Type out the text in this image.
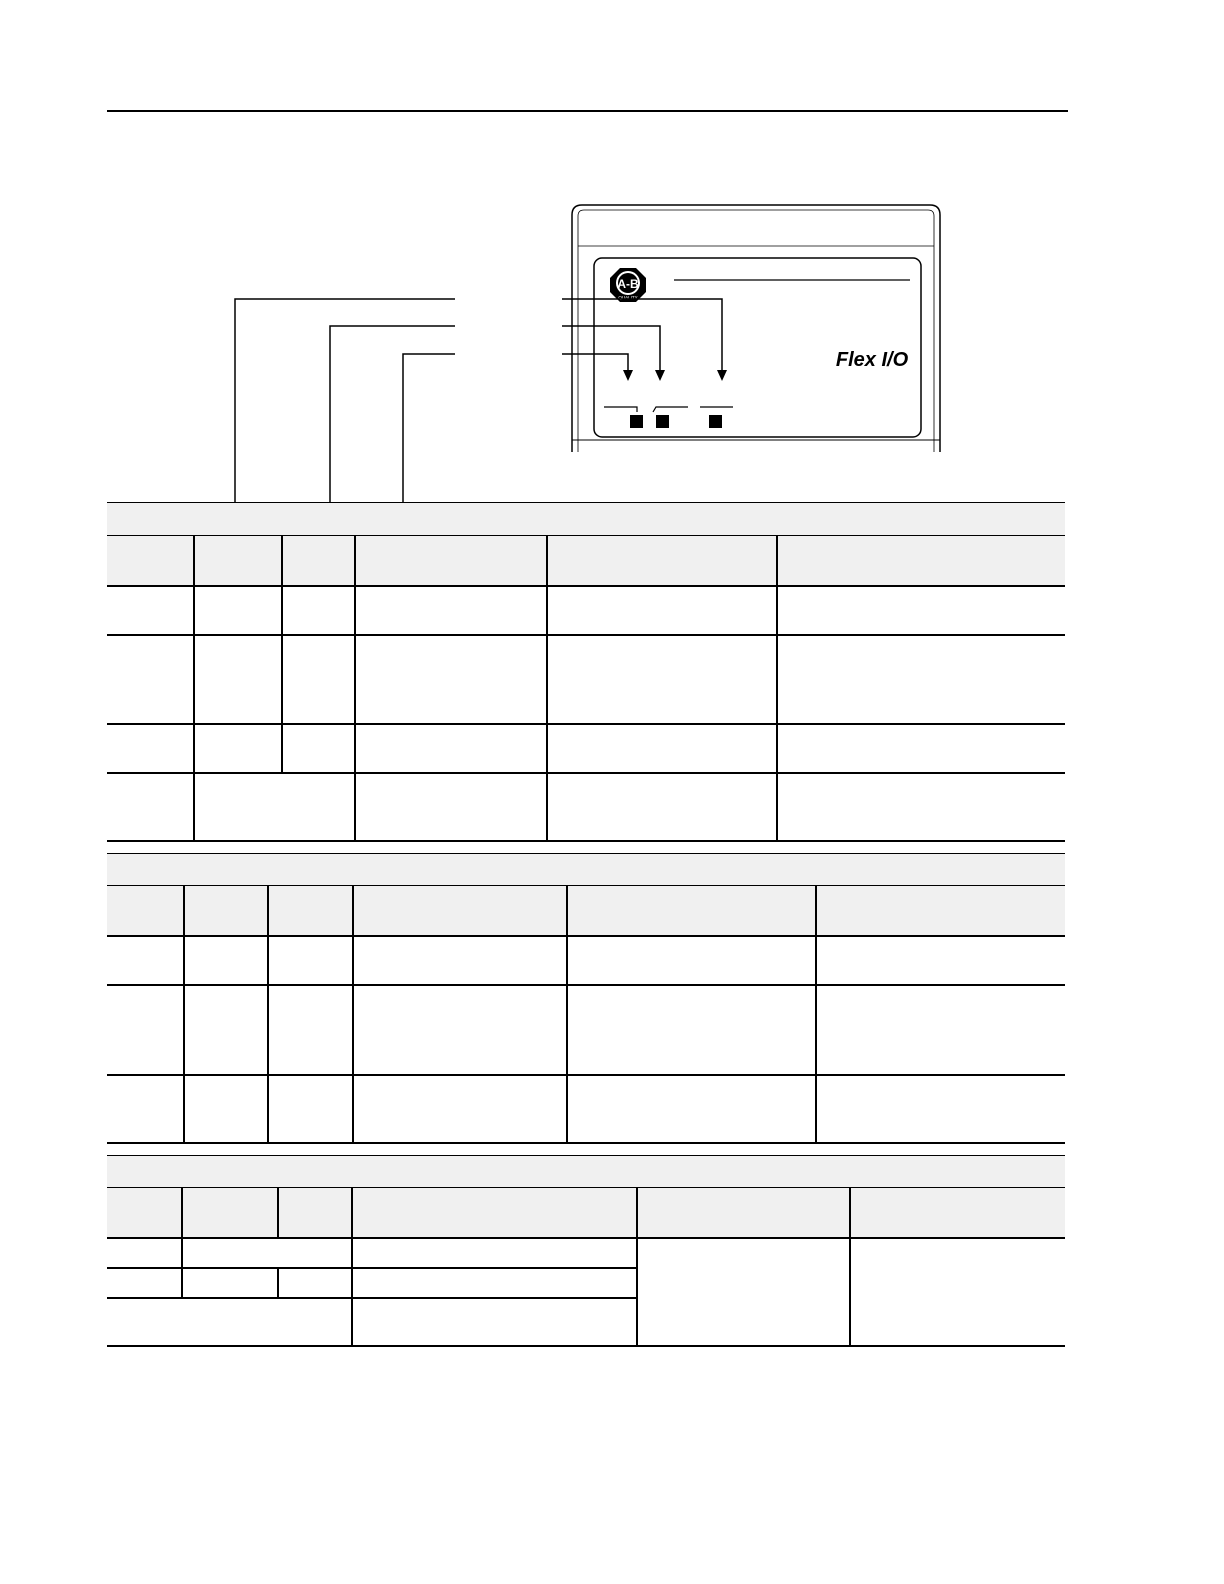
A-B
QUALITY
Flex I/O
